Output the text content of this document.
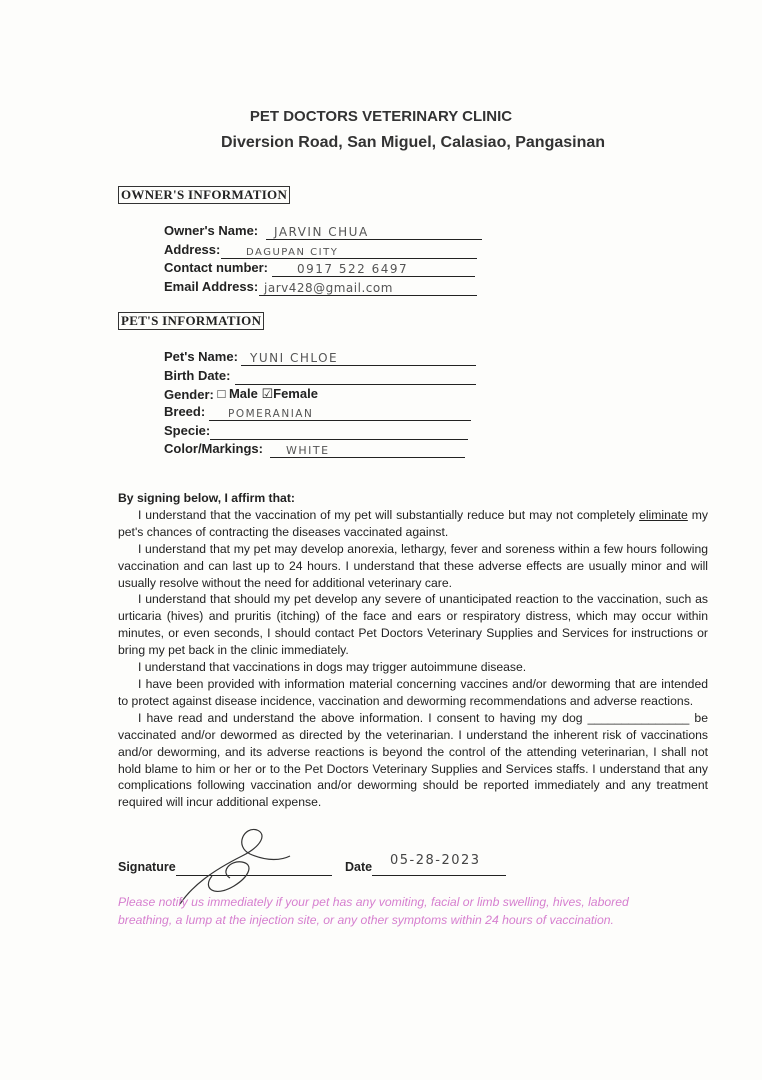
PET DOCTORS VETERINARY CLINIC
Diversion Road, San Miguel, Calasiao, Pangasinan
OWNER'S INFORMATION
Owner's Name: JARVIN CHUA
Address:	DAGUPAN CITY
Contact number: 0917 522 6497
Email Address: jarv428@gmail.com
PET'S INFORMATION
Pet's Name: YUNI CHLOE
Birth Date:
Gender: □ Male ☑Female
Breed: POMERANIAN
Specie:
Color/Markings: WHITE

By signing below, I affirm that:

I understand that the vaccination of my pet will substantially reduce but may not completely eliminate my pet's chances of contracting the diseases vaccinated against.

I understand that my pet may develop anorexia, lethargy, fever and soreness within a few hours following vaccination and can last up to 24 hours. I understand that these adverse effects are usually minor and will usually resolve without the need for additional veterinary care.

I understand that should my pet develop any severe of unanticipated reaction to the vaccination, such as urticaria (hives) and pruritis (itching) of the face and ears or respiratory distress, which may occur within minutes, or even seconds, I should contact Pet Doctors Veterinary Supplies and Services for instructions or bring my pet back in the clinic immediately.

I understand that vaccinations in dogs may trigger autoimmune disease.

I have been provided with information material concerning vaccines and/or deworming that are intended to protect against disease incidence, vaccination and deworming recommendations and adverse reactions.

I have read and understand the above information. I consent to having my dog _______________ be vaccinated and/or dewormed as directed by the veterinarian. I understand the inherent risk of vaccinations and/or deworming, and its adverse reactions is beyond the control of the attending veterinarian, I shall not hold blame to him or her or to the Pet Doctors Veterinary Supplies and Services staffs. I understand that any complications following vaccination and/or deworming should be reported immediately and any treatment required will incur additional expense.

Signature	Date 05-28-2023
Please notify us immediately if your pet has any vomiting, facial or limb swelling, hives, labored breathing, a lump at the injection site, or any other symptoms within 24 hours of vaccination.
